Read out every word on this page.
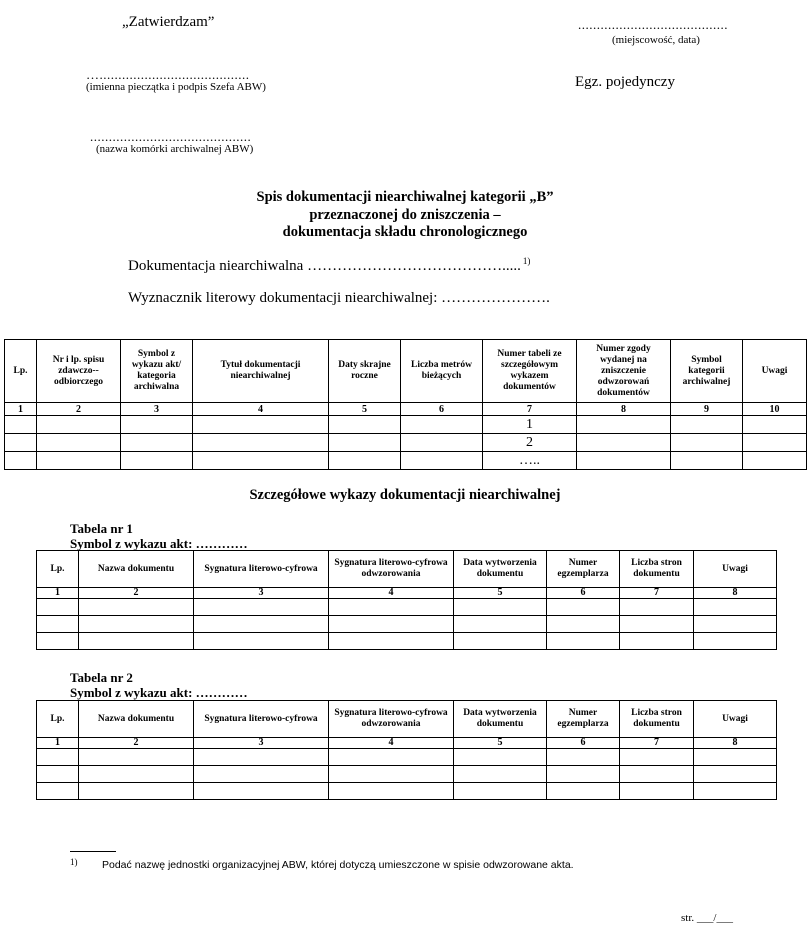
„Zatwierdzam”	........................................
(miejscowość, data)
…........................................
(imienna pieczątka i podpis Szefa ABW)	Egz. pojedynczy
...........................................
(nazwa komórki archiwalnej ABW)
Spis dokumentacji niearchiwalnej kategorii „B”
przeznaczonej do zniszczenia –
dokumentacja składu chronologicznego
Dokumentacja niearchiwalna …………………………………..... $^{1)}$
Wyznacznik literowy dokumentacji niearchiwalnej: ………………….
Lp.	Nr i lp. spisu zdawczo--odbiorczego	Symbol z wykazu akt/ kategoria archiwalna	Tytuł dokumentacji niearchiwalnej	Daty skrajne roczne	Liczba metrów bieżących	Numer tabeli ze szczegółowym wykazem dokumentów	Numer zgody wydanej na zniszczenie odwzorowań dokumentów	Symbol kategorii archiwalnej	Uwagi
1	2	3	4	5	6	7	8	9	10
						1			
						2			
						…..			
Szczegółowe wykazy dokumentacji niearchiwalnej
Tabela nr 1
Symbol z wykazu akt: …………
Lp.	Nazwa dokumentu	Sygnatura literowo-cyfrowa	Sygnatura literowo-cyfrowa odwzorowania	Data wytworzenia dokumentu	Numer egzemplarza	Liczba stron dokumentu	Uwagi
1	2	3	4	5	6	7	8

Tabela nr 2
Symbol z wykazu akt: …………
Lp.	Nazwa dokumentu	Sygnatura literowo-cyfrowa	Sygnatura literowo-cyfrowa odwzorowania	Data wytworzenia dokumentu	Numer egzemplarza	Liczba stron dokumentu	Uwagi
1	2	3	4	5	6	7	8

1) Podać nazwę jednostki organizacyjnej ABW, której dotyczą umieszczone w spisie odwzorowane akta.
str. ___/___
